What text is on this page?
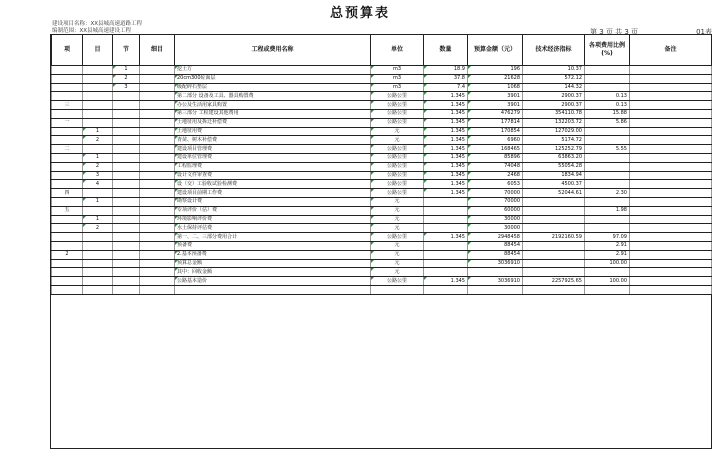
总预算表
建设项目名称：XX县城高速道路工程
编制范围：XX县城高速建设工程	第 3 页 共 3 页	01表
项	目	节	细目	工程或费用名称	单位	数量	预算金额（元）	技术经济指标	各项费用比例(%)	备注
		1		挖土方	m3	18.9	196	10.37		
		2		20cm300砼面层	m3	37.8	21628	572.12		
		3		级配碎石垫层	m3	7.4	1068	144.32		
				第二部分 设备及工具、器具购置费	公路公里	1.345	3901	2900.37	0.13	
三				办公及生活用家具购置	公路公里	1.345	3901	2900.37	0.13	
				第三部分 工程建设其他费用	公路公里	1.345	476279	354110.78	15.88	
一				土地征用及拆迁补偿费	公路公里	1.345	177814	132203.72	5.86	
	1			土地征用费	元	1.345	170854	127029.00		
	2			青苗、树木补偿费	元	1.345	6960	5174.72		
二				建设项目管理费	公路公里	1.345	168465	125252.79	5.55	
	1			建设单位管理费	公路公里	1.345	85896	63863.20		
	2			工程监理费	公路公里	1.345	74048	55054.28		
	3			设计文件审查费	公路公里	1.345	2468	1834.94		
	4			设（交）工验收试验检测费	公路公里	1.345	6053	4500.37		
四				建设项目前期工作费	公路公里	1.345	70000	52044.61	2.30	
	1			勘察设计费	元		70000			
五				专项评价（估）费	元		60000		1.98	
	1			环境影响评价费	元		30000			
	2			水土保持评估费	元		30000			
				第一、二、三部分费用合计	公路公里	1.345	2948458	2192160.59	97.09	
				预备费	元		88454		2.91	
2				2.基本预备费	元		88454		2.91	
				预算总金额	元		3036910		100.00	
				其中：回收金额	元					
				公路基本造价	公路公里	1.345	3036910	2257925.65	100.00	
